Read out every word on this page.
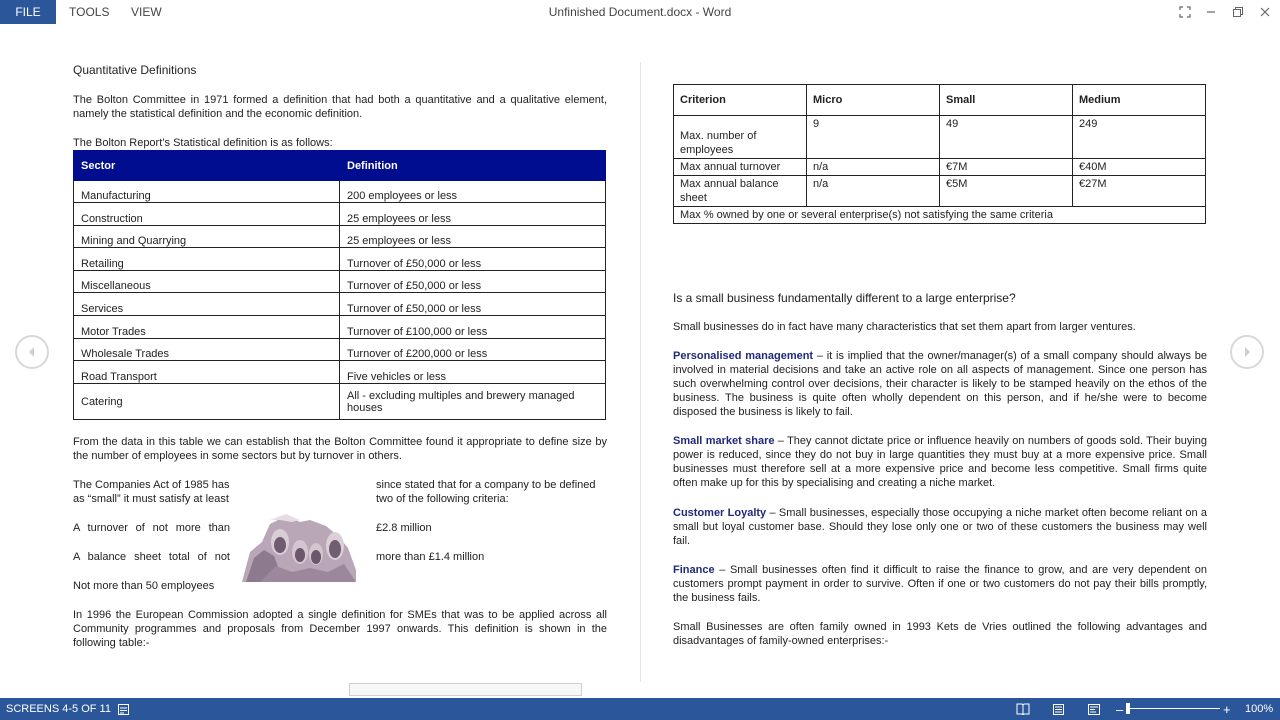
FILE	TOOLS VIEW	Unfinished Document.docx - Word
Quantitative Definitions

The Bolton Committee in 1971 formed a definition that had both a quantitative and a qualitative element, namely the statistical definition and the economic definition.

The Bolton Report’s Statistical definition is as follows:

Sector	Definition
Manufacturing	200 employees or less
Construction	25 employees or less
Mining and Quarrying	25 employees or less
Retailing	Turnover of £50,000 or less
Miscellaneous	Turnover of £50,000 or less
Services	Turnover of £50,000 or less
Motor Trades	Turnover of £100,000 or less
Wholesale Trades	Turnover of £200,000 or less
Road Transport	Five vehicles or less
Catering	All - excluding multiples and brewery managed houses

From the data in this table we can establish that the Bolton Committee found it appropriate to define size by the number of employees in some sectors but by turnover in others.

The Companies Act of 1985 has as “small” it must satisfy at least

since stated that for a company to be defined two of the following criteria:

A turnover of not more than	£2.8 million

A balance sheet total of not	more than £1.4 million

Not more than 50 employees

In 1996 the European Commission adopted a single definition for SMEs that was to be applied across all Community programmes and proposals from December 1997 onwards. This definition is shown in the following table:-

Criterion	Micro	Small	Medium
Max. number of employees	9	49	249
Max annual turnover	n/a	€7M	€40M
Max annual balance sheet	n/a	€5M	€27M
Max % owned by one or several enterprise(s) not satisfying the same criteria			
Is a small business fundamentally different to a large enterprise?

Small businesses do in fact have many characteristics that set them apart from larger ventures.

Personalised management – it is implied that the owner/manager(s) of a small company should always be involved in material decisions and take an active role on all aspects of management. Since one person has such overwhelming control over decisions, their character is likely to be stamped heavily on the ethos of the business. The business is quite often wholly dependent on this person, and if he/she were to become disposed the business is likely to fail.

Small market share – They cannot dictate price or influence heavily on numbers of goods sold. Their buying power is reduced, since they do not buy in large quantities they must buy at a more expensive price. Small businesses must therefore sell at a more expensive price and become less competitive. Small firms quite often make up for this by specialising and creating a niche market.

Customer Loyalty – Small businesses, especially those occupying a niche market often become reliant on a small but loyal customer base. Should they lose only one or two of these customers the business may well fail.

Finance – Small businesses often find it difficult to raise the finance to grow, and are very dependent on customers prompt payment in order to survive. Often if one or two customers do not pay their bills promptly, the business fails.

Small Businesses are often family owned in 1993 Kets de Vries outlined the following advantages and disadvantages of family-owned enterprises:-

SCREENS 4-5 OF 11	–	+ 100%
